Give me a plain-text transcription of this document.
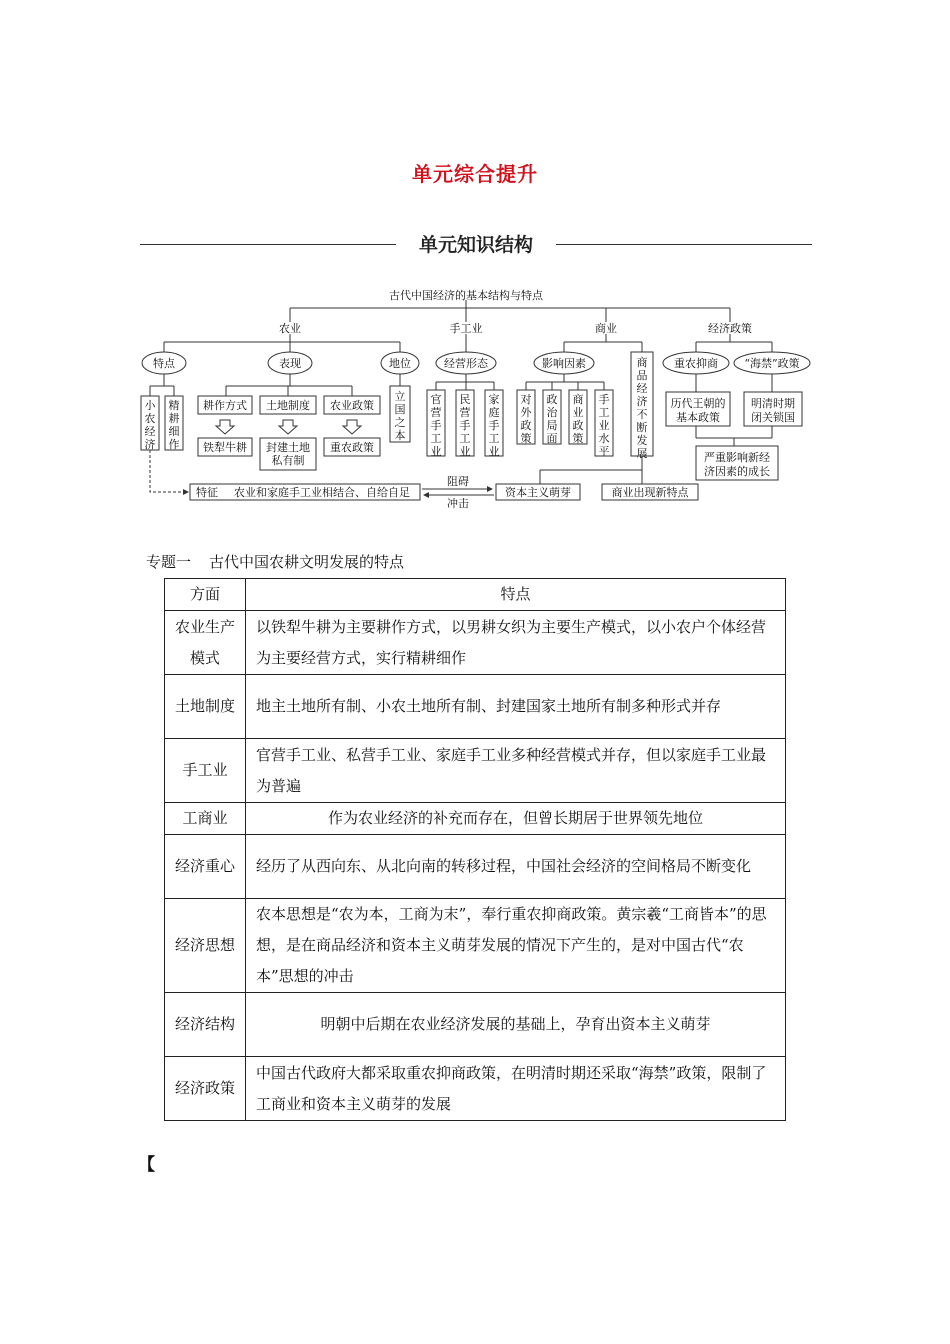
单元综合提升
单元知识结构
古代中国经济的基本结构与特点
农业	手工业	商业	经济政策
特点	表现	地位	经营形态	影响因素	重农抑商 “海禁”政策
耕作方式 土地制度 农业政策
铁犁牛耕	重农政策
历代王朝的基本政策
明清时期闭关锁国
严重影响新经济因素的成长
封建土地私有制
特征 农业和家庭手工业相结合、自给自足
阻碍
冲击
资本主义萌芽	商业出现新特点
小农经济
精耕细作
立国之本
官营手工业
民营手工业
家庭手工业
对外政策
政治局面
商业政策
手工业水平
商品经济不断发展
专题一 古代中国农耕文明发展的特点
方面	特点
农业生产模式	以铁犁牛耕为主要耕作方式，以男耕女织为主要生产模式，以小农户个体经营为主要经营方式，实行精耕细作
土地制度	地主土地所有制、小农土地所有制、封建国家土地所有制多种形式并存
手工业	官营手工业、私营手工业、家庭手工业多种经营模式并存，但以家庭手工业最为普遍
工商业	作为农业经济的补充而存在，但曾长期居于世界领先地位
经济重心	经历了从西向东、从北向南的转移过程，中国社会经济的空间格局不断变化
经济思想	农本思想是“农为本，工商为末”，奉行重农抑商政策。黄宗羲“工商皆本”的思想，是在商品经济和资本主义萌芽发展的情况下产生的，是对中国古代“农本”思想的冲击
经济结构	明朝中后期在农业经济发展的基础上，孕育出资本主义萌芽
经济政策	中国古代政府大都采取重农抑商政策，在明清时期还采取“海禁”政策，限制了工商业和资本主义萌芽的发展
【
